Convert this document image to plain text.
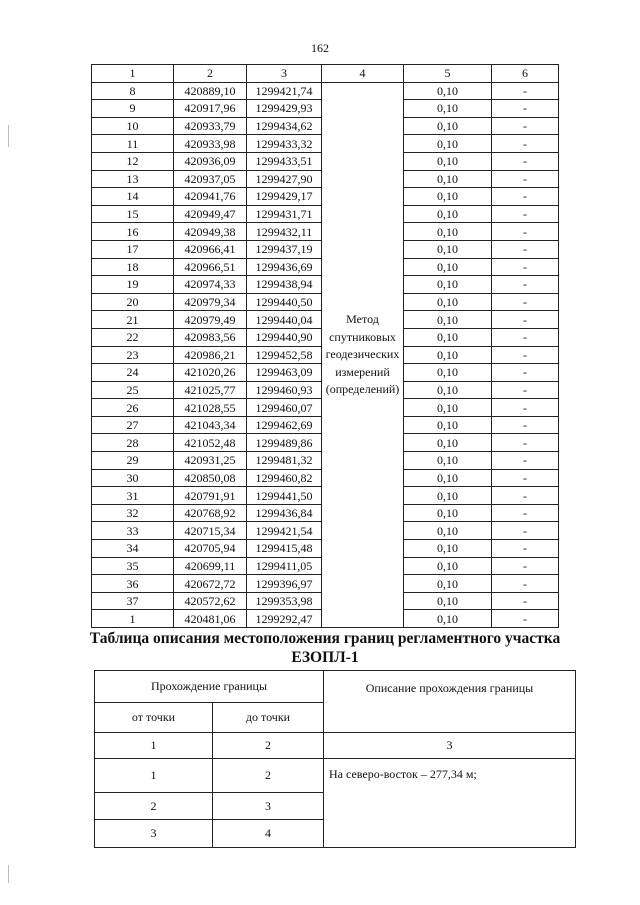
162
1	2	3	4	5	6
8	420889,10	1299421,74	Метод спутниковых геодезических измерений (определений)	0,10	-
9	420917,96	1299429,93		0,10	-
10	420933,79	1299434,62		0,10	-
11	420933,98	1299433,32		0,10	-
12	420936,09	1299433,51		0,10	-
13	420937,05	1299427,90		0,10	-
14	420941,76	1299429,17		0,10	-
15	420949,47	1299431,71		0,10	-
16	420949,38	1299432,11		0,10	-
17	420966,41	1299437,19		0,10	-
18	420966,51	1299436,69		0,10	-
19	420974,33	1299438,94		0,10	-
20	420979,34	1299440,50		0,10	-
21	420979,49	1299440,04		0,10	-
22	420983,56	1299440,90		0,10	-
23	420986,21	1299452,58		0,10	-
24	421020,26	1299463,09		0,10	-
25	421025,77	1299460,93		0,10	-
26	421028,55	1299460,07		0,10	-
27	421043,34	1299462,69		0,10	-
28	421052,48	1299489,86		0,10	-
29	420931,25	1299481,32		0,10	-
30	420850,08	1299460,82		0,10	-
31	420791,91	1299441,50		0,10	-
32	420768,92	1299436,84		0,10	-
33	420715,34	1299421,54		0,10	-
34	420705,94	1299415,48		0,10	-
35	420699,11	1299411,05		0,10	-
36	420672,72	1299396,97		0,10	-
37	420572,62	1299353,98		0,10	-
1	420481,06	1299292,47		0,10	-
Таблица описания местоположения границ регламентного участка
ЕЗОПЛ-1
Прохождение границы		Описание прохождения границы
от точки	до точки	
1	2	3
1	2	На северо-восток – 277,34 м;
2	3	
3	4	
